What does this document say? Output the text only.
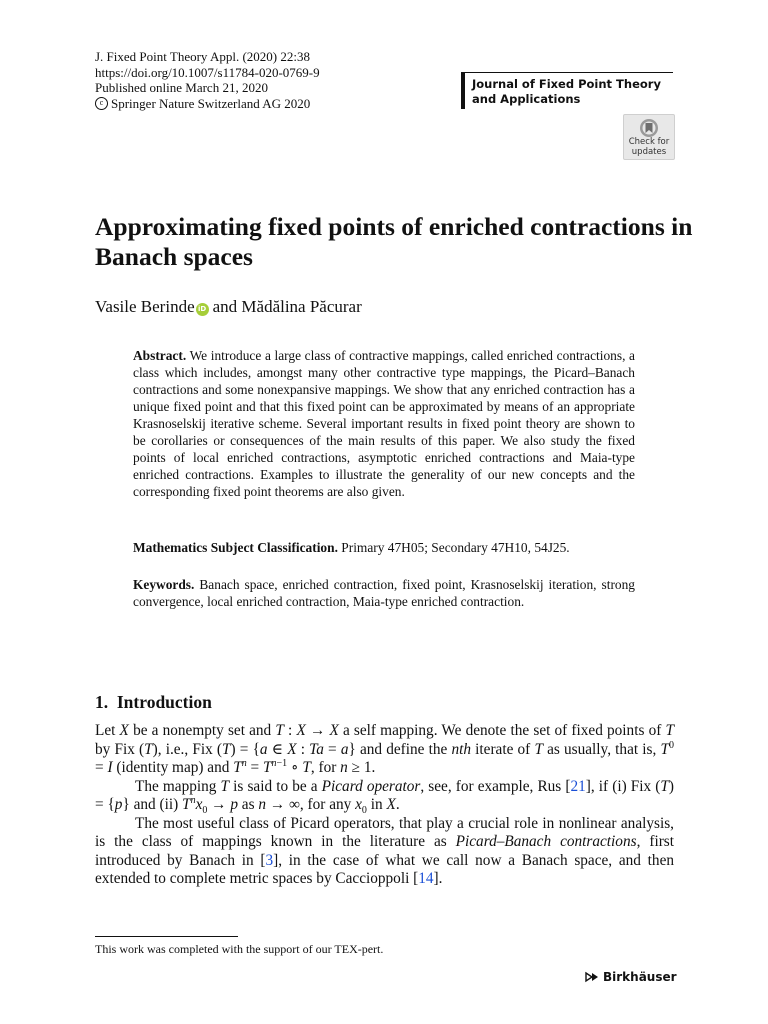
J. Fixed Point Theory Appl. (2020) 22:38
https://doi.org/10.1007/s11784-020-0769-9
Published online March 21, 2020
c Springer Nature Switzerland AG 2020
Journal of Fixed Point Theory and Applications
Check for updates
Approximating fixed points of enriched contractions in Banach spaces
Vasile Berinde iD and
Mădălina Păcurar
Abstract. We introduce a large class of contractive mappings, called enriched contractions, a class which includes, amongst many other contractive type mappings, the Picard–Banach contractions and some nonexpansive mappings. We show that any enriched contraction has a unique fixed point and that this fixed point can be approximated by means of an appropriate Krasnoselskij iterative scheme. Several important results in fixed point theory are shown to be corollaries or consequences of the main results of this paper. We also study the fixed points of local enriched contractions, asymptotic enriched contractions and Maia-type enriched contractions. Examples to illustrate the generality of our new concepts and the corresponding fixed point theorems are also given.
Mathematics Subject Classification. Primary 47H05; Secondary 47H10, 54J25.
Keywords. Banach space, enriched contraction, fixed point, Krasnoselskij iteration, strong convergence, local enriched contraction, Maia-type enriched contraction.
1. Introduction

Let X be a nonempty set and T : X → X a self mapping. We denote the set of fixed points of T by Fix (T), i.e., Fix (T) = {a ∈ X : Ta = a} and define the nth iterate of T as usually, that is, $T^0 = I$ (identity map) and $T^n = T^{n-1}$ ∘ T, for n ≥ 1.

The mapping T is said to be a Picard operator, see, for example, Rus [21], if (i) Fix (T) = {p} and (ii) $T^nx_0 \to p$ as n → ∞, for any $x_0$ in X.

The most useful class of Picard operators, that play a crucial role in nonlinear analysis, is the class of mappings known in the literature as Picard–Banach contractions, first introduced by Banach in [3], in the case of what we call now a Banach space, and then extended to complete metric spaces by Caccioppoli [14].

This work was completed with the support of our TEX-pert.
Birkhäuser
